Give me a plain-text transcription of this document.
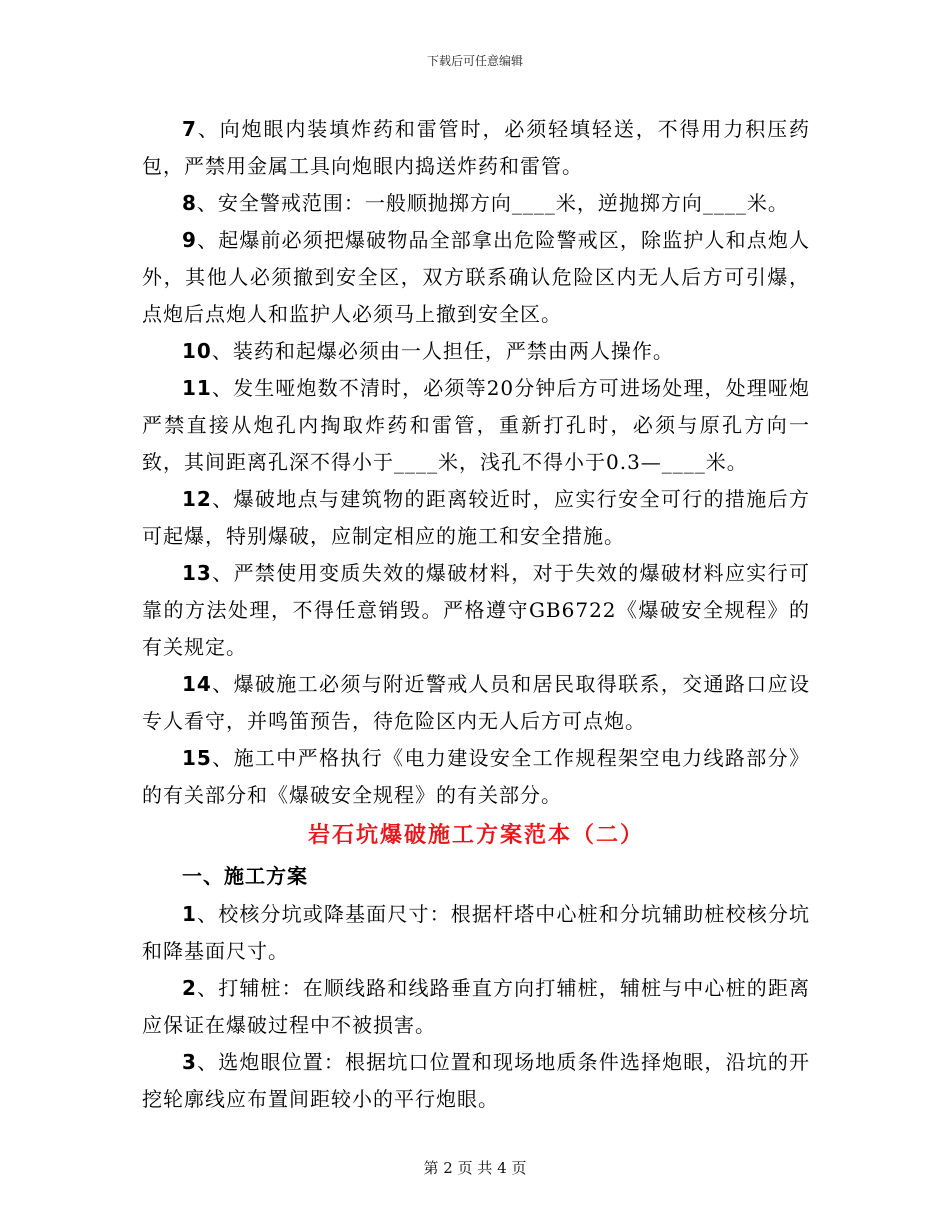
下载后可任意编辑

7、向炮眼内装填炸药和雷管时，必须轻填轻送，不得用力积压药包，严禁用金属工具向炮眼内捣送炸药和雷管。

8、安全警戒范围：一般顺抛掷方向____米，逆抛掷方向____米。

9、起爆前必须把爆破物品全部拿出危险警戒区，除监护人和点炮人外，其他人必须撤到安全区，双方联系确认危险区内无人后方可引爆，点炮后点炮人和监护人必须马上撤到安全区。

10、装药和起爆必须由一人担任，严禁由两人操作。

11、发生哑炮数不清时，必须等20分钟后方可进场处理，处理哑炮严禁直接从炮孔内掏取炸药和雷管，重新打孔时，必须与原孔方向一致，其间距离孔深不得小于____米，浅孔不得小于0.3—____米。

12、爆破地点与建筑物的距离较近时，应实行安全可行的措施后方可起爆，特别爆破，应制定相应的施工和安全措施。

13、严禁使用变质失效的爆破材料，对于失效的爆破材料应实行可靠的方法处理，不得任意销毁。严格遵守GB6722《爆破安全规程》的有关规定。

14、爆破施工必须与附近警戒人员和居民取得联系，交通路口应设专人看守，并鸣笛预告，待危险区内无人后方可点炮。

15、施工中严格执行《电力建设安全工作规程架空电力线路部分》的有关部分和《爆破安全规程》的有关部分。

岩石坑爆破施工方案范本（二）
一、施工方案

1、校核分坑或降基面尺寸：根据杆塔中心桩和分坑辅助桩校核分坑和降基面尺寸。

2、打辅桩：在顺线路和线路垂直方向打辅桩，辅桩与中心桩的距离应保证在爆破过程中不被损害。

3、选炮眼位置：根据坑口位置和现场地质条件选择炮眼，沿坑的开挖轮廓线应布置间距较小的平行炮眼。

第 2 页 共 4 页
